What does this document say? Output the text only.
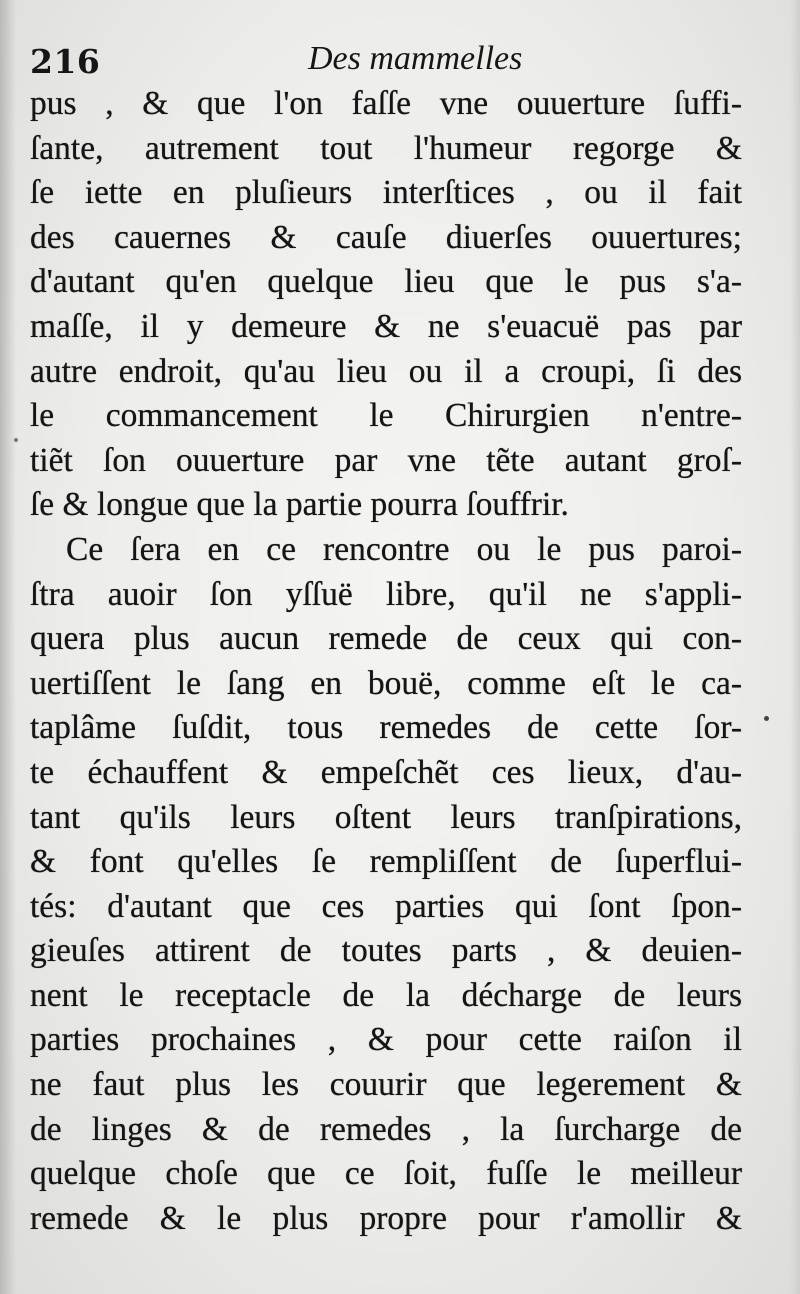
216	Des mammelles
pus , & que l'on faſſe vne ouuerture ſuffi-
ſante, autrement tout l'humeur regorge &
ſe iette en pluſieurs interſtices , ou il fait
des cauernes & cauſe diuerſes ouuertures;
d'autant qu'en quelque lieu que le pus s'a-
maſſe, il y demeure & ne s'euacuë pas par
autre endroit, qu'au lieu ou il a croupi, ſi des
le commancement le Chirurgien n'entre-
tiẽt ſon ouuerture par vne tẽte autant groſ-
ſe & longue que la partie pourra ſouffrir.
Ce ſera en ce rencontre ou le pus paroi-
ſtra auoir ſon yſſuë libre, qu'il ne s'appli-
quera plus aucun remede de ceux qui con-
uertiſſent le ſang en bouë, comme eſt le ca-
taplâme ſuſdit, tous remedes de cette ſor-
te échauffent & empeſchẽt ces lieux, d'au-
tant qu'ils leurs oſtent leurs tranſpirations,
& font qu'elles ſe rempliſſent de ſuperflui-
tés: d'autant que ces parties qui ſont ſpon-
gieuſes attirent de toutes parts , & deuien-
nent le receptacle de la décharge de leurs
parties prochaines , & pour cette raiſon il
ne faut plus les couurir que legerement &
de linges & de remedes , la ſurcharge de
quelque choſe que ce ſoit, fuſſe le meilleur
remede & le plus propre pour r'amollir &
